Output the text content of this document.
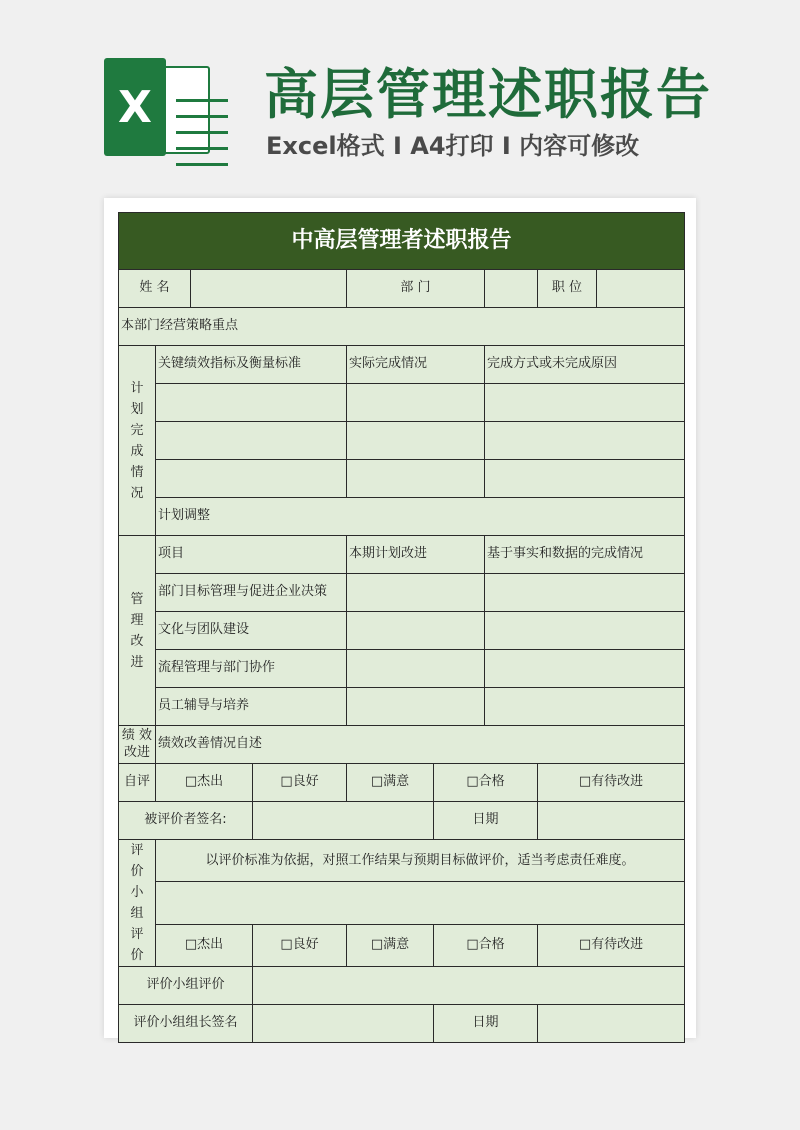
X 高层管理述职报告
Excel格式 I A4打印 I 内容可修改
中高层管理者述职报告								
姓 名				部 门			职 位	
本部门经营策略重点								

计划完成情况	关键绩效指标及衡量标准			实际完成情况		完成方式或未完成原因		

	计划调整							

管理改进	项目			本期计划改进		基于事实和数据的完成情况		
	部门目标管理与促进企业决策							
	文化与团队建设							
	流程管理与部门协作							
	员工辅导与培养							
绩 效改进	绩效改善情况自述							
自评	□杰出		□良好	□满意	□合格		□有待改进	
被评价者签名:					日期			

评价小组评价	以评价标准为依据，对照工作结果与预期目标做评价，适当考虑责任难度。							

	□杰出		□良好	□满意	□合格		□有待改进	
评价小组评价								
评价小组组长签名					日期			
